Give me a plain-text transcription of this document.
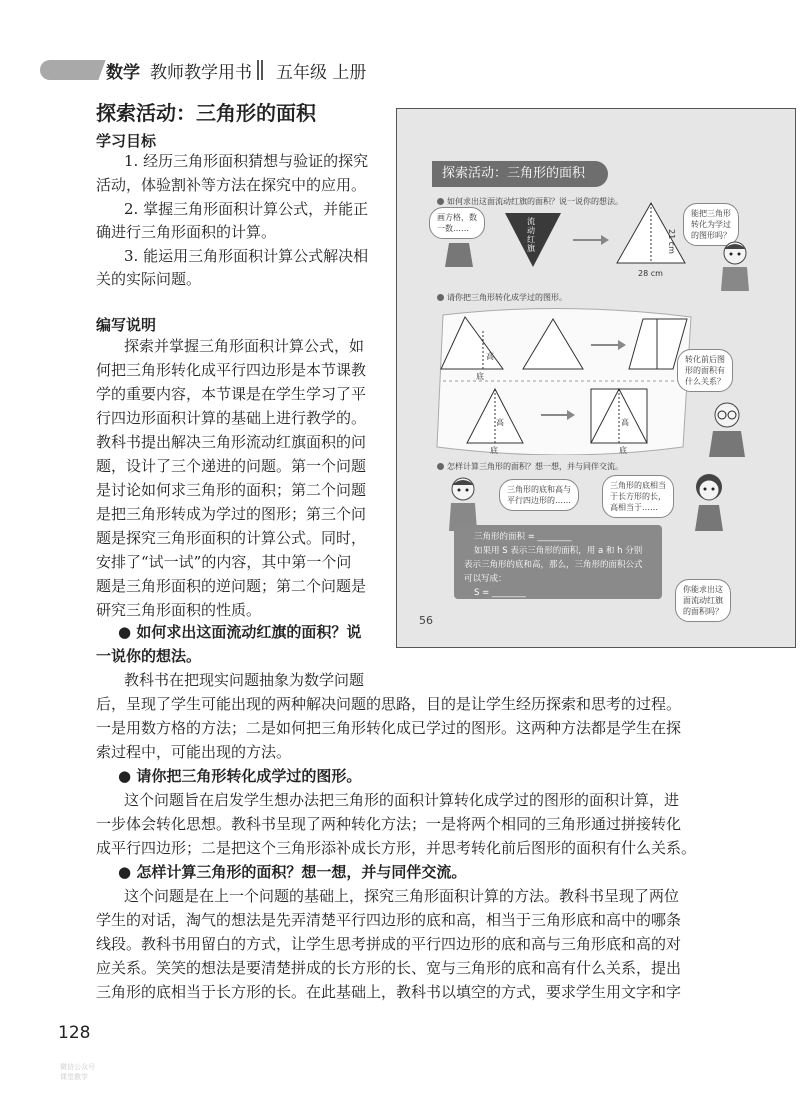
数学 教师教学用书 五年级 上册
探索活动：三角形的面积
学习目标
1. 经历三角形面积猜想与验证的探究
活动，体验割补等方法在探究中的应用。
2. 掌握三角形面积计算公式，并能正
确进行三角形面积的计算。
3. 能运用三角形面积计算公式解决相
关的实际问题。
编写说明
探索并掌握三角形面积计算公式，如
何把三角形转化成平行四边形是本节课教
学的重要内容，本节课是在学生学习了平
行四边形面积计算的基础上进行教学的。
教科书提出解决三角形流动红旗面积的问
题，设计了三个递进的问题。第一个问题
是讨论如何求三角形的面积；第二个问题
是把三角形转成为学过的图形；第三个问
题是探究三角形面积的计算公式。同时，
安排了“试一试”的内容，其中第一个问
题是三角形面积的逆问题；第二个问题是
研究三角形面积的性质。
● 如何求出这面流动红旗的面积？说
一说你的想法。
教科书在把现实问题抽象为数学问题
后，呈现了学生可能出现的两种解决问题的思路，目的是让学生经历探索和思考的过程。
一是用数方格的方法；二是如何把三角形转化成已学过的图形。这两种方法都是学生在探
索过程中，可能出现的方法。
● 请你把三角形转化成学过的图形。
这个问题旨在启发学生想办法把三角形的面积计算转化成学过的图形的面积计算，进
一步体会转化思想。教科书呈现了两种转化方法；一是将两个相同的三角形通过拼接转化
成平行四边形；二是把这个三角形添补成长方形，并思考转化前后图形的面积有什么关系。
● 怎样计算三角形的面积？想一想，并与同伴交流。
这个问题是在上一个问题的基础上，探究三角形面积计算的方法。教科书呈现了两位
学生的对话，淘气的想法是先弄清楚平行四边形的底和高，相当于三角形底和高中的哪条
线段。教科书用留白的方式，让学生思考拼成的平行四边形的底和高与三角形底和高的对
应关系。笑笑的想法是要清楚拼成的长方形的长、宽与三角形的底和高有什么关系，提出
三角形的底相当于长方形的长。在此基础上，教科书以填空的方式，要求学生用文字和字
128
微信公众号
课堂教学
探索活动：三角形的面积
如何求出这面流动红旗的面积？说一说你的想法。
画方格，数
一数……
流
动
红
旗
28 cm
21 cm
能把三角形
转化为学过
的图形吗？
请你把三角形转化成学过的图形。
底
高
底
高
底
高
转化前后图
形的面积有
什么关系？
怎样计算三角形的面积？想一想，并与同伴交流。
三角形的底和高与
平行四边形的……
三角形的底相当
于长方形的长，
高相当于……
三角形的面积 = ________
如果用 S 表示三角形的面积，用 a 和 h 分别
表示三角形的底和高，那么，三角形的面积公式
可以写成：
S = ________	你能求出这
面流动红旗
的面积吗？
56
